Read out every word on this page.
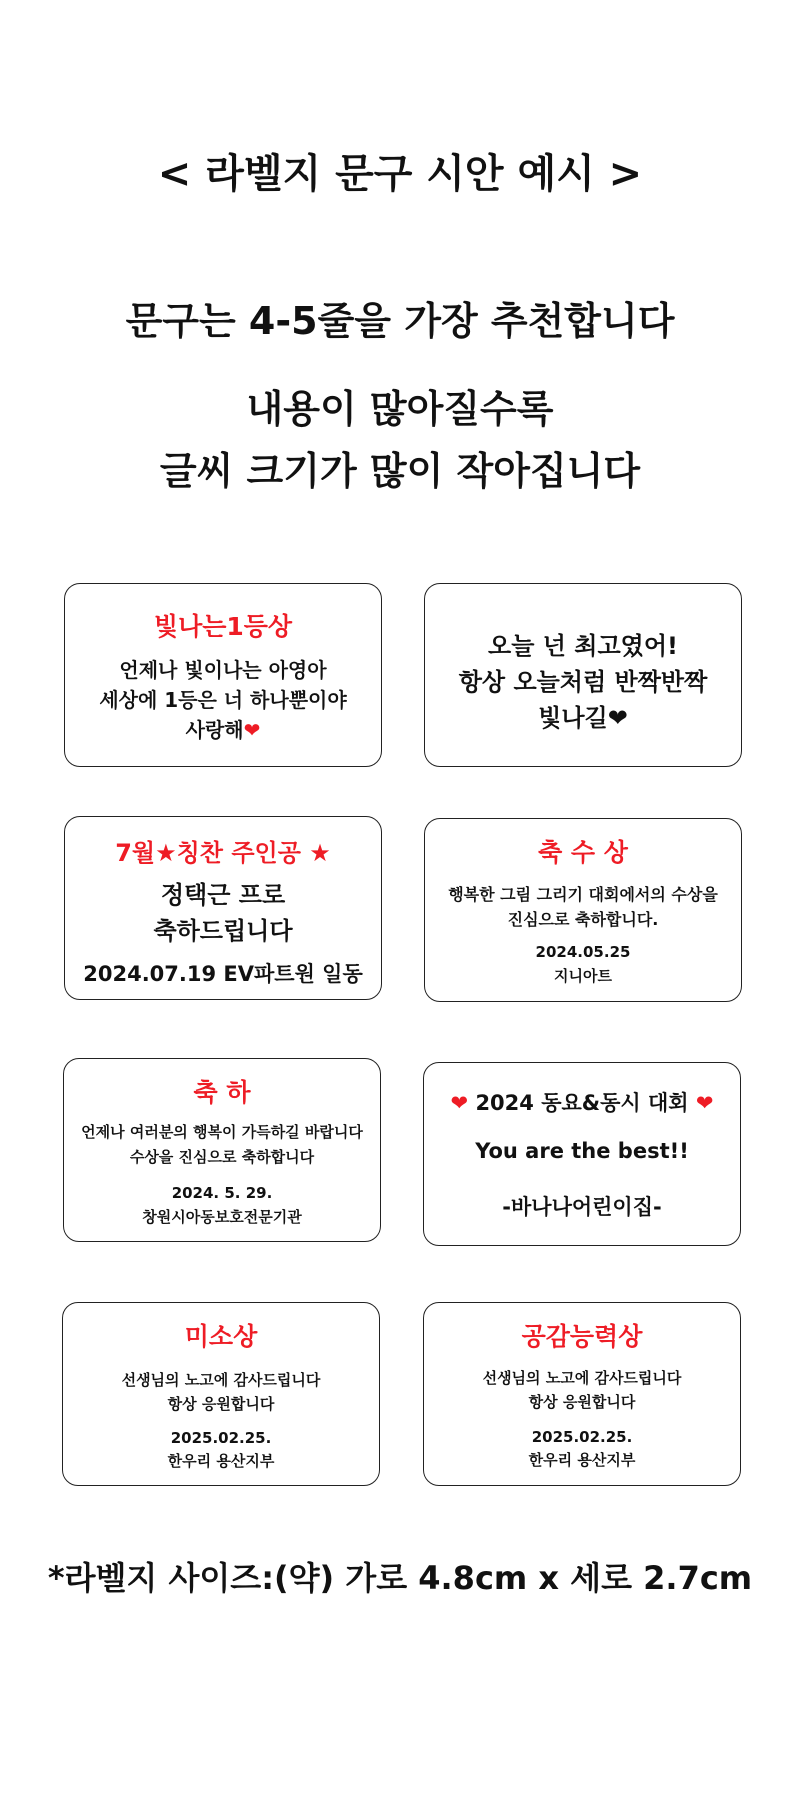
< 라벨지 문구 시안 예시 >
문구는 4-5줄을 가장 추천합니다
내용이 많아질수록
글씨 크기가 많이 작아집니다
빛나는1등상
언제나 빛이나는 아영아
세상에 1등은 너 하나뿐이야
사랑해❤
오늘 넌 최고였어!
항상 오늘처럼 반짝반짝
빛나길❤
7월★칭찬 주인공 ★
정택근 프로
축하드립니다
2024.07.19 EV파트원 일동
축 수 상
행복한 그림 그리기 대회에서의 수상을
진심으로 축하합니다.
2024.05.25
지니아트
축 하
언제나 여러분의 행복이 가득하길 바랍니다
수상을 진심으로 축하합니다
2024. 5. 29.
창원시아동보호전문기관
❤ 2024 동요&동시 대회 ❤
You are the best!!
-바나나어린이집-
미소상
선생님의 노고에 감사드립니다
항상 응원합니다
2025.02.25.
한우리 용산지부
공감능력상
선생님의 노고에 감사드립니다
항상 응원합니다
2025.02.25.
한우리 용산지부
*라벨지 사이즈:(약) 가로 4.8cm x 세로 2.7cm
